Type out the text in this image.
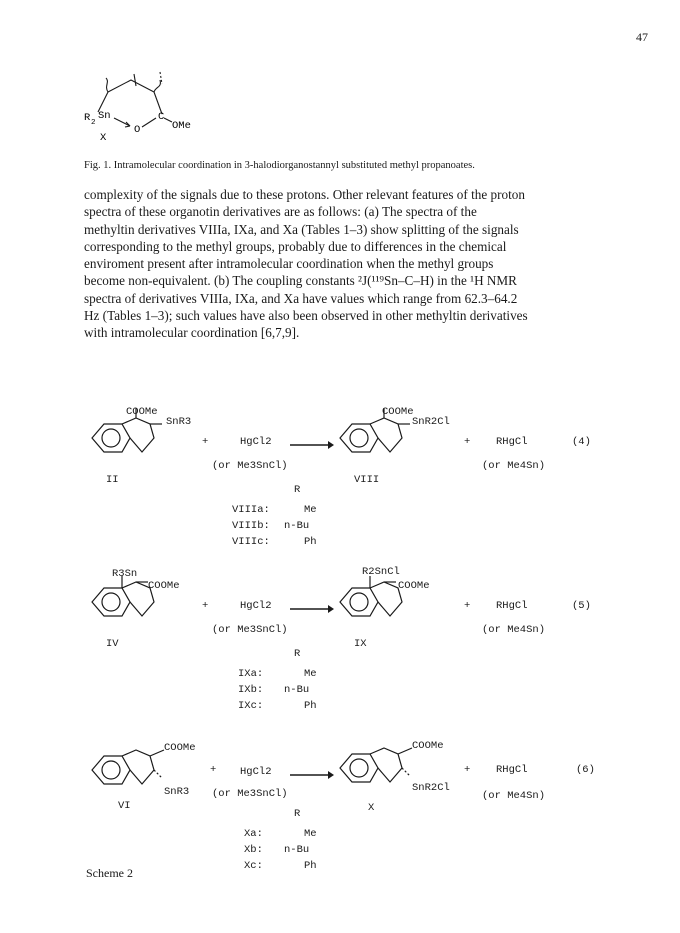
47
R 2
Sn
X
O
C
OMe
Fig. 1. Intramolecular coordination in 3-halodiorganostannyl substituted methyl propanoates.
complexity of the signals due to these protons. Other relevant features of the proton
spectra of these organotin derivatives are as follows: (a) The spectra of the
methyltin derivatives VIIIa, IXa, and Xa (Tables 1–3) show splitting of the signals
corresponding to the methyl groups, probably due to differences in the chemical
enviroment present after intramolecular coordination when the methyl groups
become non-equivalent. (b) The coupling constants ²J(¹¹⁹Sn–C–H) in the ¹H NMR
spectra of derivatives VIIIa, IXa, and Xa have values which range from 62.3–64.2
Hz (Tables 1–3); such values have also been observed in other methyltin derivatives
with intramolecular coordination [6,7,9].
COOMe
SnR3
II
+	HgCl2
(or Me3SnCl)
COOMe
SnR2Cl
VIII
+ RHgCl
(or Me4Sn)
(4)
R
VIIIa:	Me
VIIIb: n-Bu
VIIIc:	Ph
R3Sn
COOMe
IV
+	HgCl2
(or Me3SnCl)
R2SnCl
COOMe
IX
+ RHgCl
(or Me4Sn)
(5)
R
IXa:	Me
IXb: n-Bu
IXc:	Ph
COOMe
SnR3
VI
+ HgCl2
(or Me3SnCl)
COOMe
SnR2Cl
X
+ RHgCl
(or Me4Sn)
(6)
R
Xa:	Me
Xb: n-Bu
Xc:	Ph
Scheme 2
